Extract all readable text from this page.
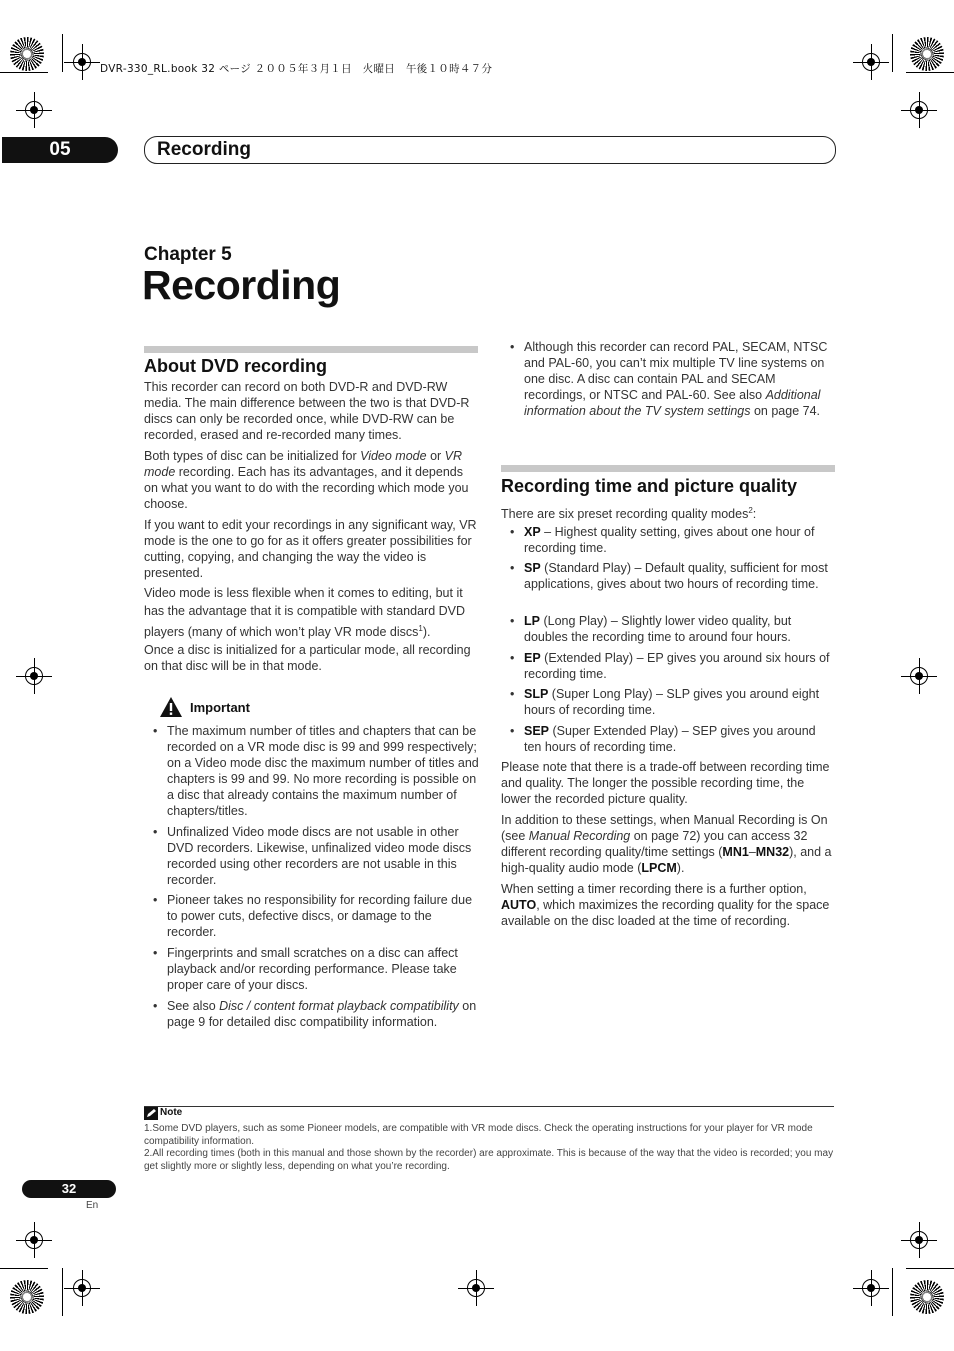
DVR-330_RL.book 32 ページ ２００５年３月１日　火曜日　午後１０時４７分
05	Recording
Chapter 5
Recording
About DVD recording
This recorder can record on both DVD-R and DVD-RW media. The main difference between the two is that DVD-R discs can only be recorded once, while DVD-RW can be recorded, erased and re-recorded many times.
Both types of disc can be initialized for Video mode or VR mode recording. Each has its advantages, and it depends on what you want to do with the recording which mode you choose.
If you want to edit your recordings in any significant way, VR mode is the one to go for as it offers greater possibilities for cutting, copying, and changing the way the video is presented.
Video mode is less flexible when it comes to editing, but it has the advantage that it is compatible with standard DVD players (many of which won’t play VR mode discs$^1$).
Once a disc is initialized for a particular mode, all recording on that disc will be in that mode.
Important
• The maximum number of titles and chapters that can be recorded on a VR mode disc is 99 and 999 respectively; on a Video mode disc the maximum number of titles and chapters is 99 and 99. No more recording is possible on a disc that already contains the maximum number of chapters/titles.
• Unfinalized Video mode discs are not usable in other DVD recorders. Likewise, unfinalized video mode discs recorded using other recorders are not usable in this recorder.
• Pioneer takes no responsibility for recording failure due to power cuts, defective discs, or damage to the recorder.
• Fingerprints and small scratches on a disc can affect playback and/or recording performance. Please take proper care of your discs.
• See also Disc / content format playback compatibility on page 9 for detailed disc compatibility information.
• Although this recorder can record PAL, SECAM, NTSC and PAL-60, you can’t mix multiple TV line systems on one disc. A disc can contain PAL and SECAM recordings, or NTSC and PAL-60. See also Additional information about the TV system settings on page 74.
Recording time and picture quality
There are six preset recording quality modes$^2$:
• XP – Highest quality setting, gives about one hour of recording time.
• SP (Standard Play) – Default quality, sufficient for most applications, gives about two hours of recording time.
• LP (Long Play) – Slightly lower video quality, but doubles the recording time to around four hours.
• EP (Extended Play) – EP gives you around six hours of recording time.
• SLP (Super Long Play) – SLP gives you around eight hours of recording time.
• SEP (Super Extended Play) – SEP gives you around ten hours of recording time.
Please note that there is a trade-off between recording time and quality. The longer the possible recording time, the lower the recorded picture quality.
In addition to these settings, when Manual Recording is On (see Manual Recording on page 72) you can access 32 different recording quality/time settings (MN1–MN32), and a high-quality audio mode (LPCM).
When setting a timer recording there is a further option, AUTO, which maximizes the recording quality for the space available on the disc loaded at the time of recording.
Note
1.Some DVD players, such as some Pioneer models, are compatible with VR mode discs. Check the operating instructions for your player for VR mode compatibility information.
2.All recording times (both in this manual and those shown by the recorder) are approximate. This is because of the way that the video is recorded; you may get slightly more or slightly less, depending on what you’re recording.
32
En
